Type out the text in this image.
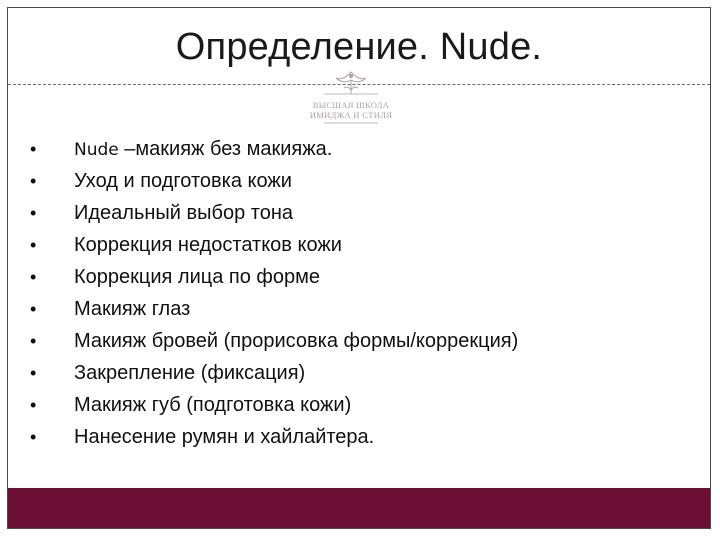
Определение. Nude.
ВЫСШАЯ ШКОЛА
ИМИДЖА И СТИЛЯ
• Nude –макияж без макияжа.
• Уход и подготовка кожи
• Идеальный выбор тона
• Коррекция недостатков кожи
• Коррекция лица по форме
• Макияж глаз
• Макияж бровей (прорисовка формы/коррекция)
• Закрепление (фиксация)
• Макияж губ (подготовка кожи)
• Нанесение румян и хайлайтера.
